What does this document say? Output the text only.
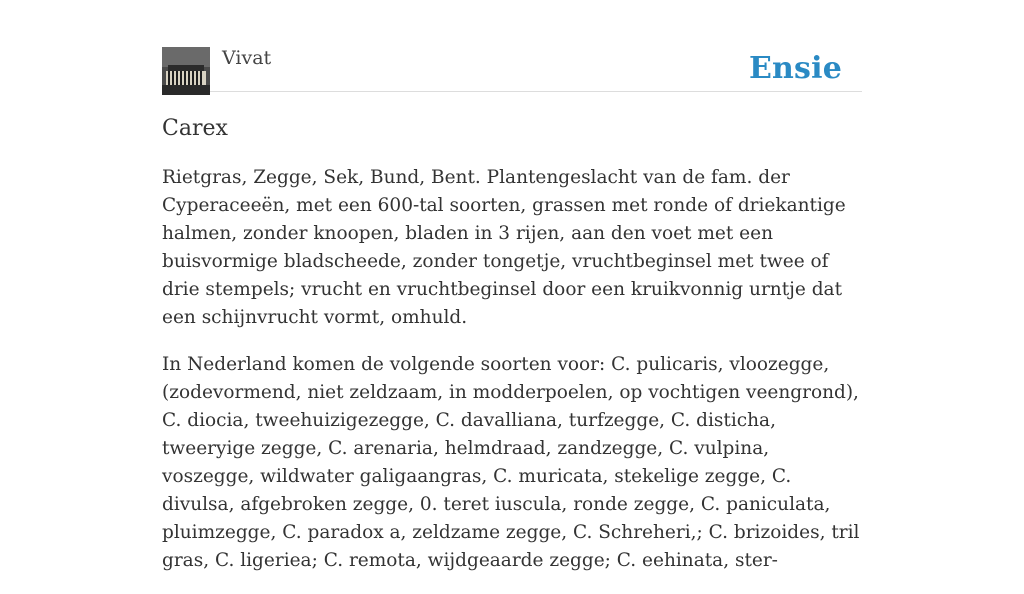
Vivat	Ensie
Carex

Rietgras, Zegge, Sek, Bund, Bent. Plantengeslacht van de fam. der Cyperaceeën, met een 600-tal soorten, grassen met ronde of driekantige halmen, zonder knoopen, bladen in 3 rijen, aan den voet met een buisvormige bladscheede, zonder tongetje, vruchtbeginsel met twee of drie stempels; vrucht en vruchtbeginsel door een kruikvonnig urntje dat een schijnvrucht vormt, omhuld.

In Nederland komen de volgende soorten voor: C. pulicaris, vloozegge, (zodevormend, niet zeldzaam, in modderpoelen, op vochtigen veengrond), C. diocia, tweehuizigezegge, C. davalliana, turfzegge, C. disticha, tweeryige zegge, C. arenaria, helmdraad, zandzegge, C. vulpina, voszegge, wildwater galigaangras, C. muricata, stekelige zegge, C. divulsa, afgebroken zegge, 0. teret iuscula, ronde zegge, C. paniculata, pluimzegge, C. paradox a, zeldzame zegge, C. Schreheri,; C. brizoides, tril gras, C. ligeriea; C. remota, wijdgeaarde zegge; C. eehinata, ster-
